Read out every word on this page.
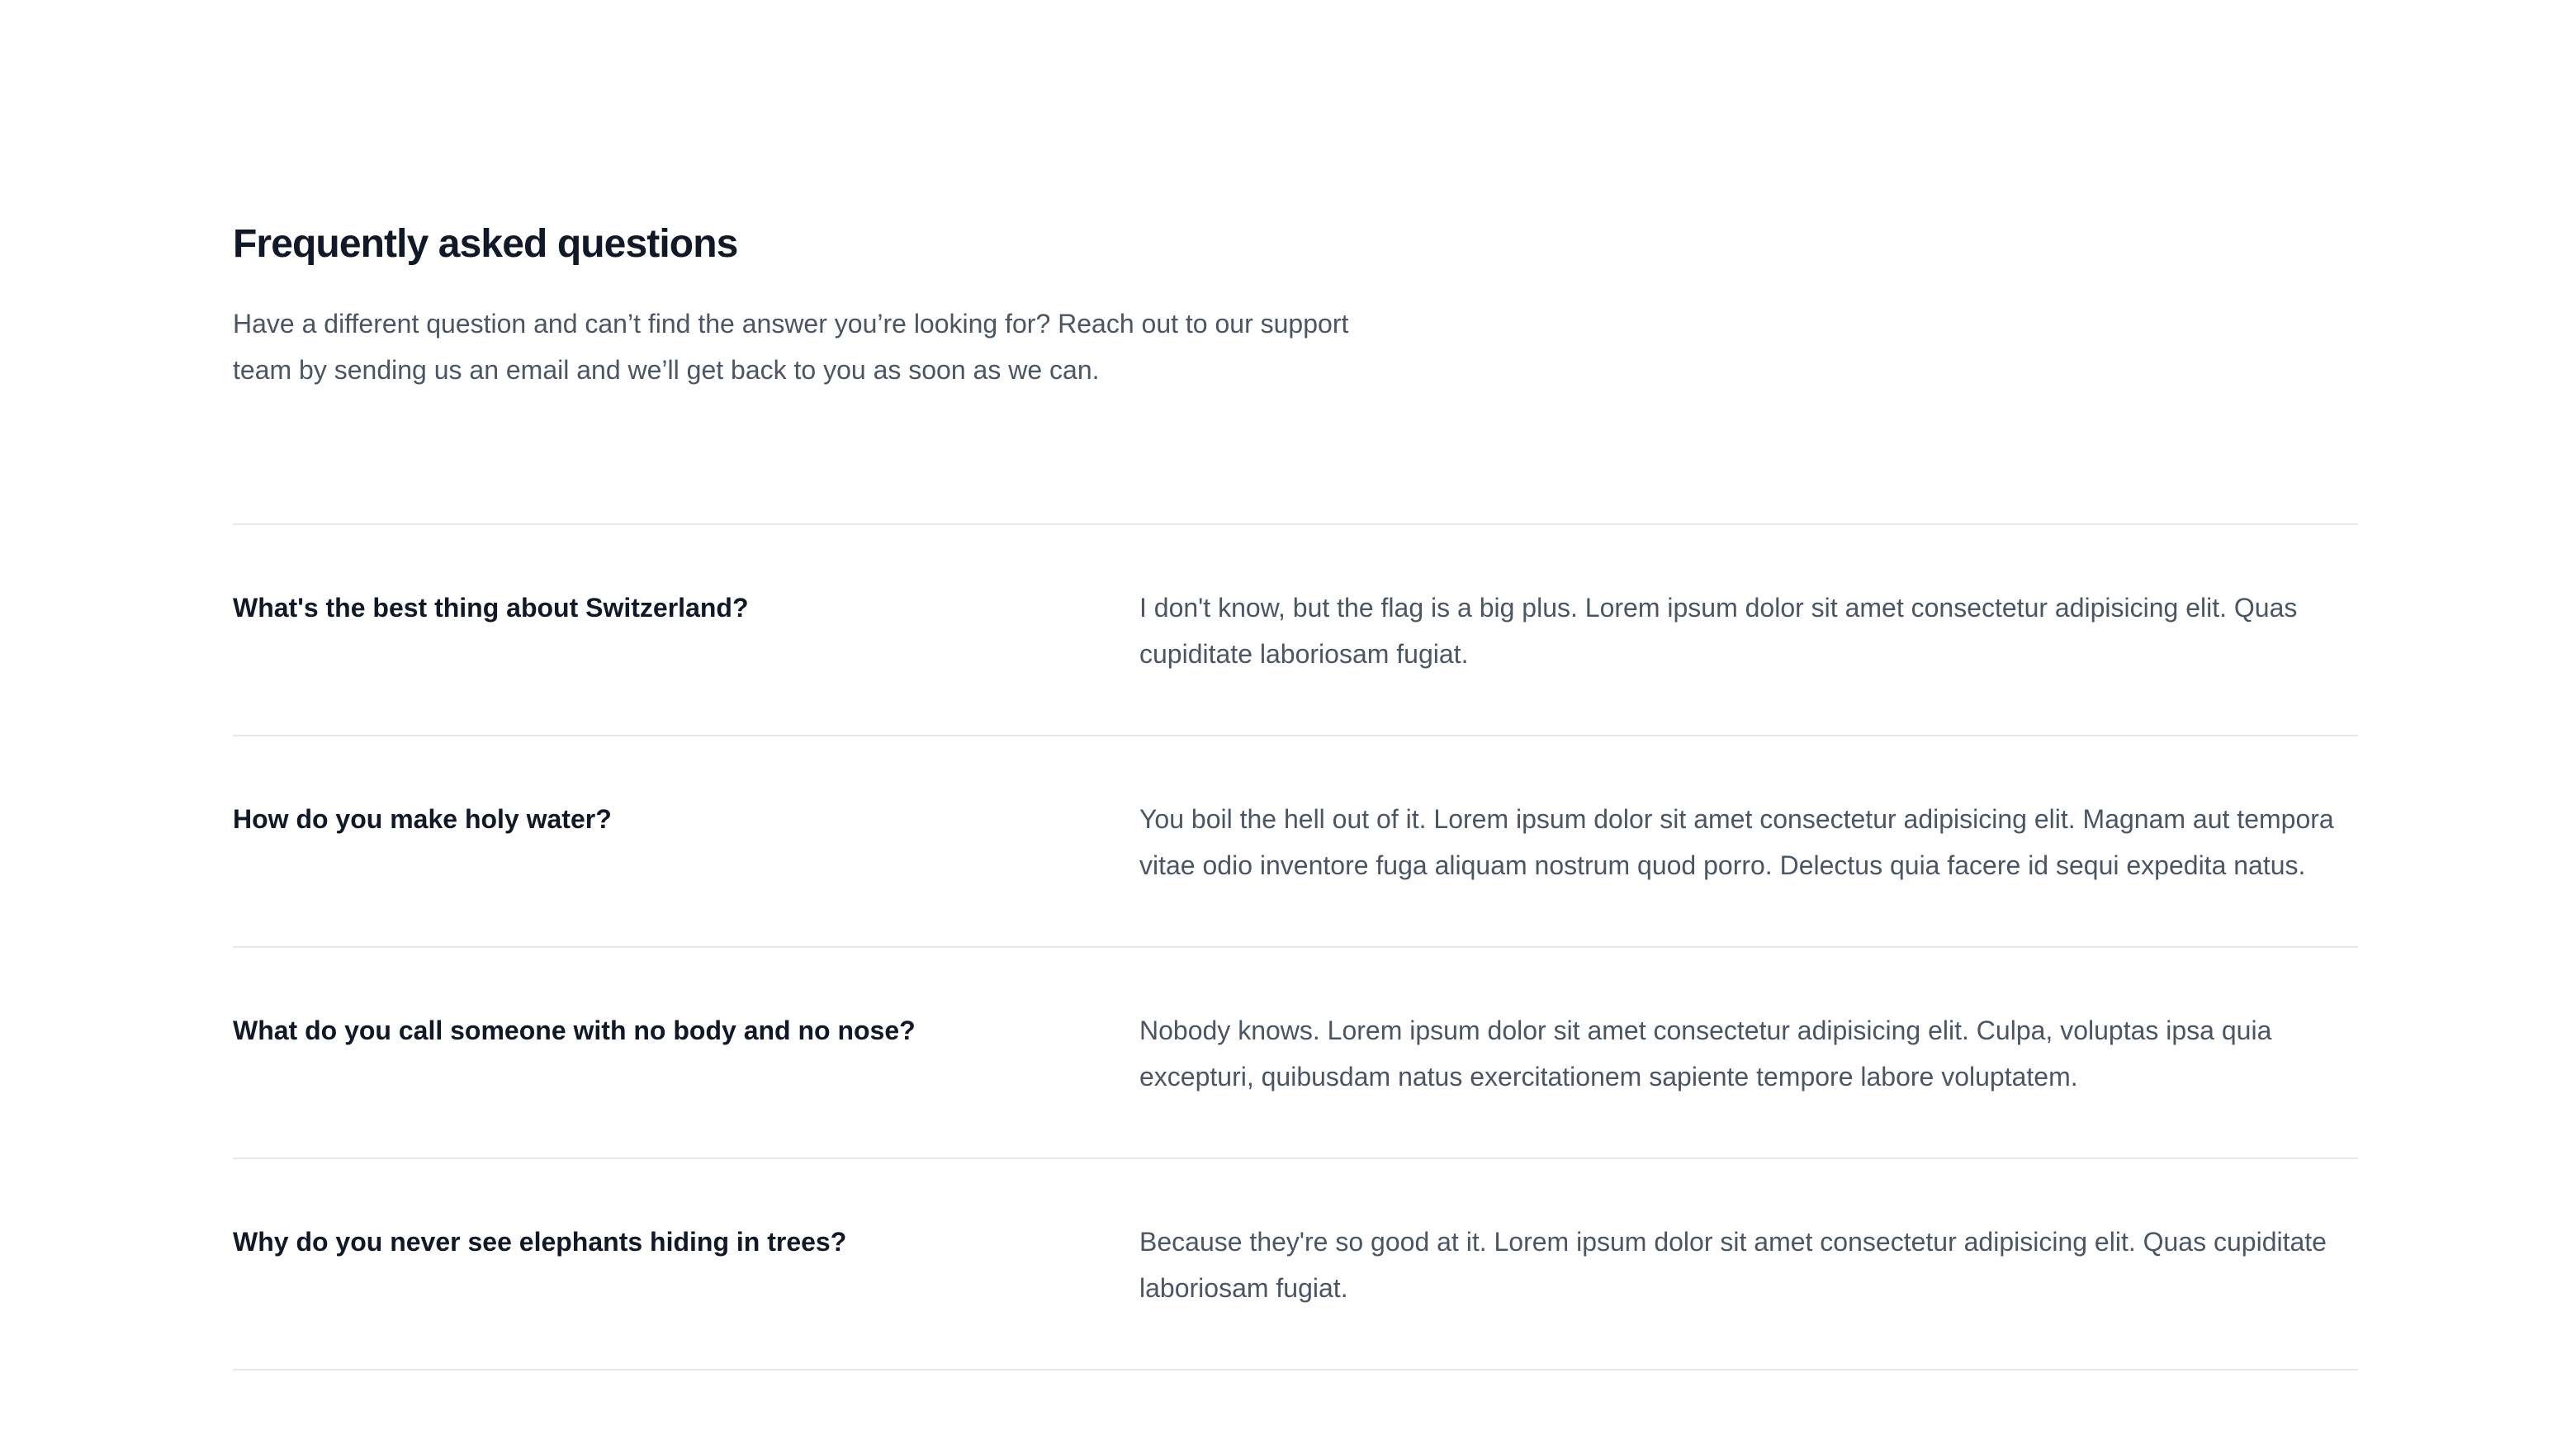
Frequently asked questions

Have a different question and can’t find the answer you’re looking for? Reach out to our support team by sending us an email and we’ll get back to you as soon as we can.

What's the best thing about Switzerland?	I don't know, but the flag is a big plus. Lorem ipsum dolor sit amet consectetur adipisicing elit. Quas cupiditate laboriosam fugiat.
How do you make holy water?	You boil the hell out of it. Lorem ipsum dolor sit amet consectetur adipisicing elit. Magnam aut tempora vitae odio inventore fuga aliquam nostrum quod porro. Delectus quia facere id sequi expedita natus.
What do you call someone with no body and no nose?	Nobody knows. Lorem ipsum dolor sit amet consectetur adipisicing elit. Culpa, voluptas ipsa quia excepturi, quibusdam natus exercitationem sapiente tempore labore voluptatem.
Why do you never see elephants hiding in trees?	Because they're so good at it. Lorem ipsum dolor sit amet consectetur adipisicing elit. Quas cupiditate laboriosam fugiat.
